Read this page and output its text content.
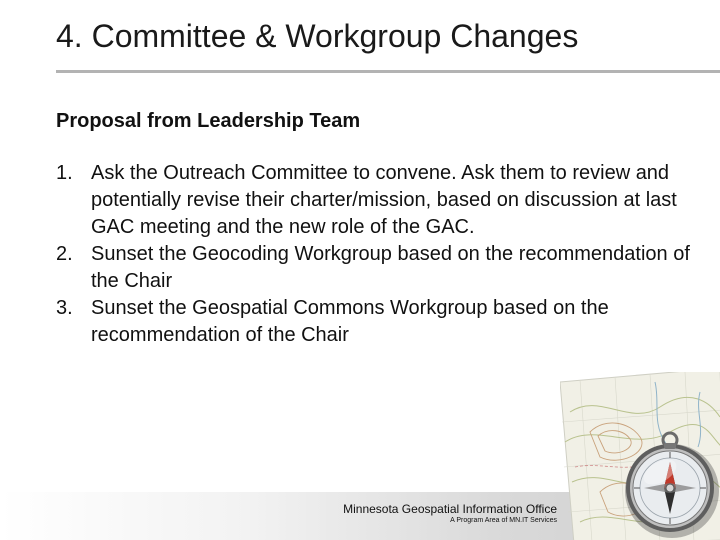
4. Committee & Workgroup Changes
Proposal from Leadership Team
1. Ask the Outreach Committee to convene. Ask them to review and potentially revise their charter/mission, based on discussion at last GAC meeting and the new role of the GAC.
2. Sunset the Geocoding Workgroup based on the recommendation of the Chair
3. Sunset the Geospatial Commons Workgroup based on the recommendation of the Chair
Minnesota Geospatial Information Office
A Program Area of MN.IT Services
